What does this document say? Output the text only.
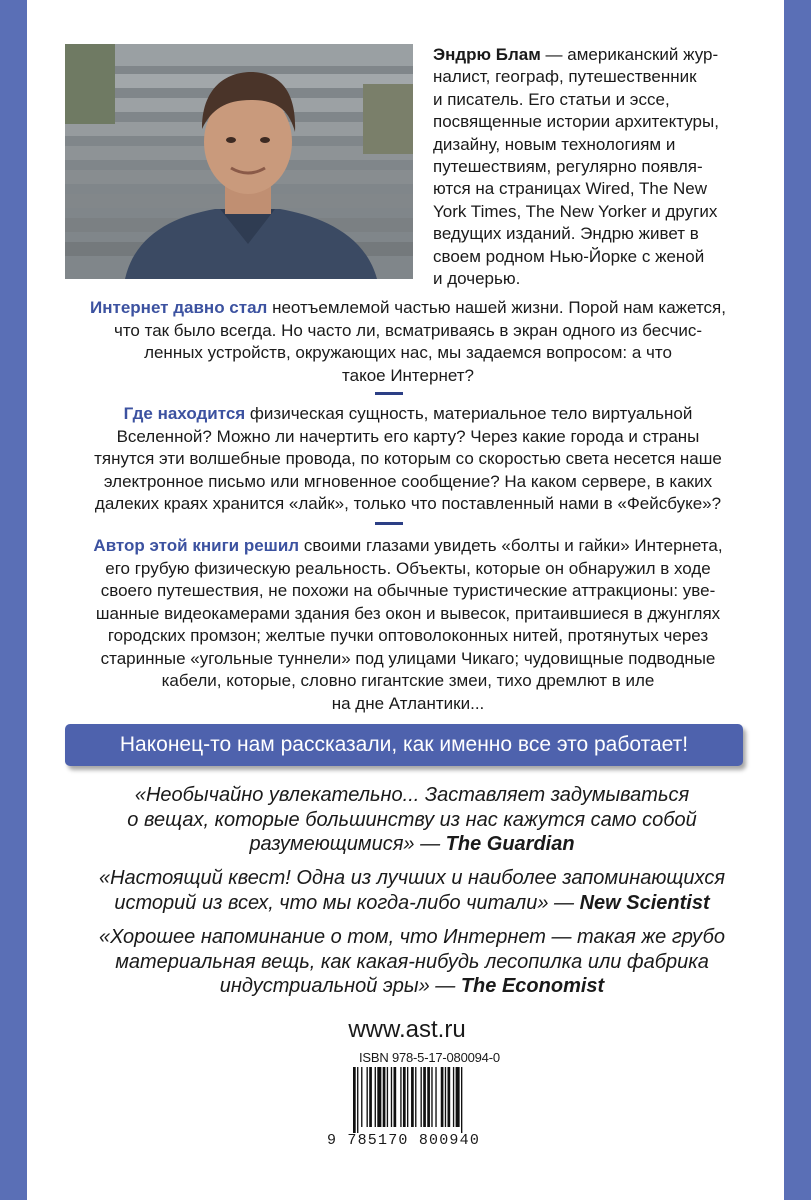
Эндрю Блам — американский жур-
налист, географ, путешественник
и писатель. Его статьи и эссе,
посвященные истории архитектуры,
дизайну, новым технологиям и
путешествиям, регулярно появля-
ются на страницах Wired, The New
York Times, The New Yorker и других
ведущих изданий. Эндрю живет в
своем родном Нью-Йорке с женой
и дочерью.

Интернет давно стал неотъемлемой частью нашей жизни. Порой нам кажется,
что так было всегда. Но часто ли, всматриваясь в экран одного из бесчис-
ленных устройств, окружающих нас, мы задаемся вопросом: а что
такое Интернет?

Где находится физическая сущность, материальное тело виртуальной
Вселенной? Можно ли начертить его карту? Через какие города и страны
тянутся эти волшебные провода, по которым со скоростью света несется наше
электронное письмо или мгновенное сообщение? На каком сервере, в каких
далеких краях хранится «лайк», только что поставленный нами в «Фейсбуке»?

Автор этой книги решил своими глазами увидеть «болты и гайки» Интернета,
его грубую физическую реальность. Объекты, которые он обнаружил в ходе
своего путешествия, не похожи на обычные туристические аттракционы: уве-
шанные видеокамерами здания без окон и вывесок, притаившиеся в джунглях
городских промзон; желтые пучки оптоволоконных нитей, протянутых через
старинные «угольные туннели» под улицами Чикаго; чудовищные подводные
кабели, которые, словно гигантские змеи, тихо дремлют в иле
на дне Атлантики...

Наконец-то нам рассказали, как именно все это работает!

«Необычайно увлекательно... Заставляет задумываться
о вещах, которые большинству из нас кажутся само собой
разумеющимися» — The Guardian

«Настоящий квест! Одна из лучших и наиболее запоминающихся
историй из всех, что мы когда-либо читали» — New Scientist

«Хорошее напоминание о том, что Интернет — такая же грубо
материальная вещь, как какая-нибудь лесопилка или фабрика
индустриальной эры» — The Economist

www.ast.ru
ISBN 978-5-17-080094-0
9 785170 800940
